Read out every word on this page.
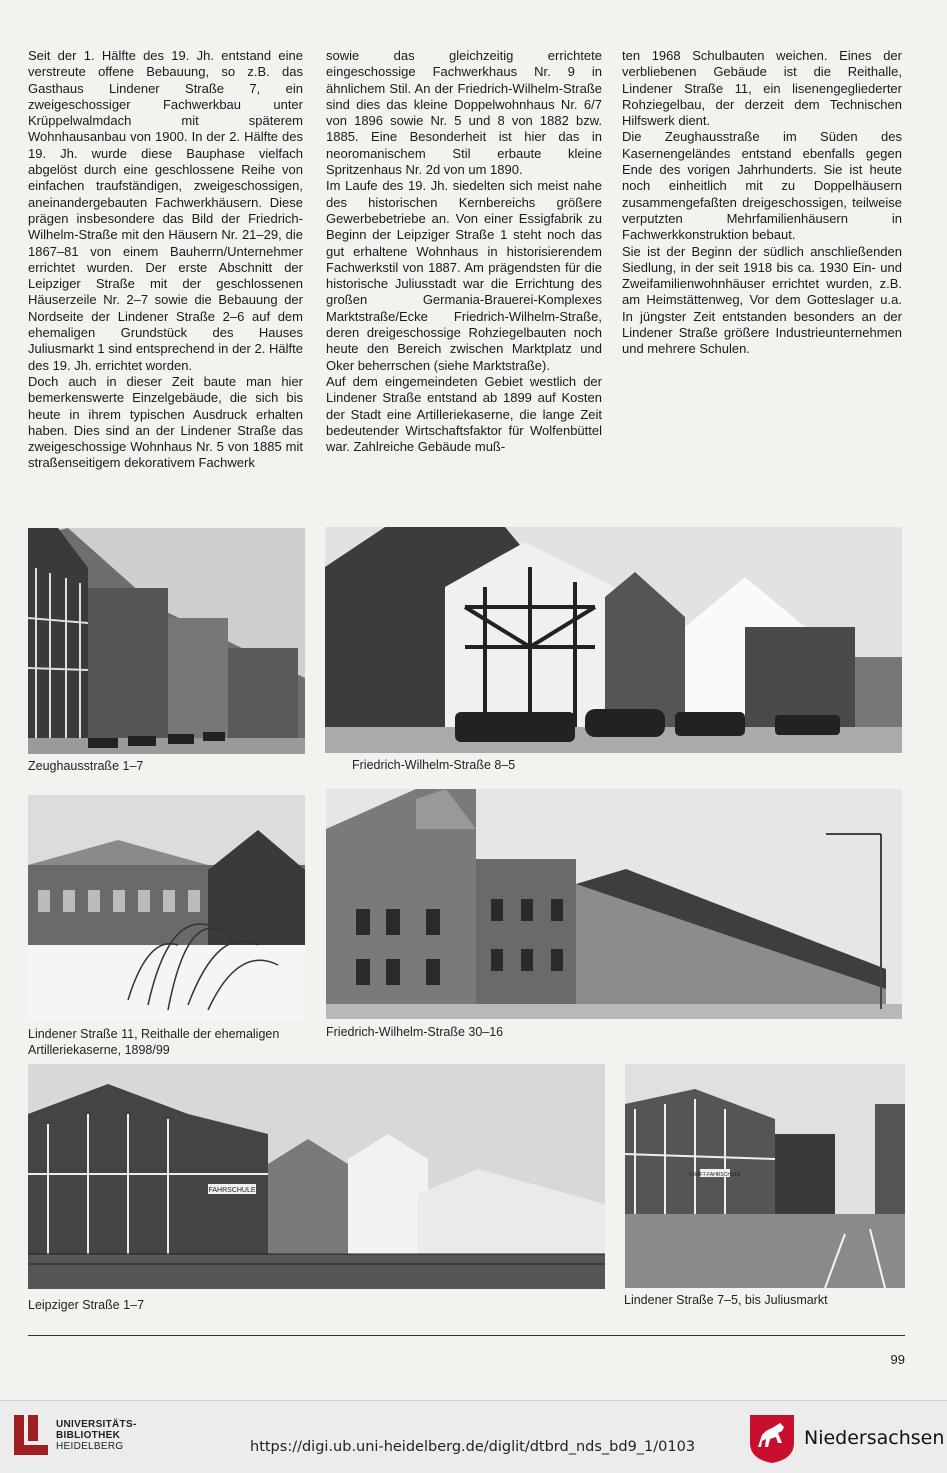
Seit der 1. Hälfte des 19. Jh. entstand eine verstreute offene Bebauung, so z.B. das Gasthaus Lindener Straße 7, ein zweigeschossiger Fachwerkbau unter Krüppelwalmdach mit späterem Wohnhausanbau von 1900. In der 2. Hälfte des 19. Jh. wurde diese Bauphase vielfach abgelöst durch eine geschlossene Reihe von einfachen traufständigen, zweigeschossigen, aneinandergebauten Fachwerkhäusern. Diese prägen insbesondere das Bild der Friedrich-Wilhelm-Straße mit den Häusern Nr. 21–29, die 1867–81 von einem Bauherrn/Unternehmer errichtet wurden. Der erste Abschnitt der Leipziger Straße mit der geschlossenen Häuserzeile Nr. 2–7 sowie die Bebauung der Nordseite der Lindener Straße 2–6 auf dem ehemaligen Grundstück des Hauses Juliusmarkt 1 sind entsprechend in der 2. Hälfte des 19. Jh. errichtet worden.

Doch auch in dieser Zeit baute man hier bemerkenswerte Einzelgebäude, die sich bis heute in ihrem typischen Ausdruck erhalten haben. Dies sind an der Lindener Straße das zweigeschossige Wohnhaus Nr. 5 von 1885 mit straßenseitigem dekorativem Fachwerk

sowie das gleichzeitig errichtete eingeschossige Fachwerkhaus Nr. 9 in ähnlichem Stil. An der Friedrich-Wilhelm-Straße sind dies das kleine Doppelwohnhaus Nr. 6/7 von 1896 sowie Nr. 5 und 8 von 1882 bzw. 1885. Eine Besonderheit ist hier das in neoromanischem Stil erbaute kleine Spritzenhaus Nr. 2d von um 1890.

Im Laufe des 19. Jh. siedelten sich meist nahe des historischen Kernbereichs größere Gewerbebetriebe an. Von einer Essigfabrik zu Beginn der Leipziger Straße 1 steht noch das gut erhaltene Wohnhaus in historisierendem Fachwerkstil von 1887. Am prägendsten für die historische Juliusstadt war die Errichtung des großen Germania-Brauerei-Komplexes Marktstraße/Ecke Friedrich-Wilhelm-Straße, deren dreigeschossige Rohziegelbauten noch heute den Bereich zwischen Marktplatz und Oker beherrschen (siehe Marktstraße).

Auf dem eingemeindeten Gebiet westlich der Lindener Straße entstand ab 1899 auf Kosten der Stadt eine Artilleriekaserne, die lange Zeit bedeutender Wirtschaftsfaktor für Wolfenbüttel war. Zahlreiche Gebäude muß-

ten 1968 Schulbauten weichen. Eines der verbliebenen Gebäude ist die Reithalle, Lindener Straße 11, ein lisenengegliederter Rohziegelbau, der derzeit dem Technischen Hilfswerk dient.

Die Zeughausstraße im Süden des Kasernengeländes entstand ebenfalls gegen Ende des vorigen Jahrhunderts. Sie ist heute noch einheitlich mit zu Doppelhäusern zusammengefaßten dreigeschossigen, teilweise verputzten Mehrfamilienhäusern in Fachwerkkonstruktion bebaut.

Sie ist der Beginn der südlich anschließenden Siedlung, in der seit 1918 bis ca. 1930 Ein- und Zweifamilienwohnhäuser errichtet wurden, z.B. am Heimstättenweg, Vor dem Gotteslager u.a. In jüngster Zeit entstanden besonders an der Lindener Straße größere Industrieunternehmen und mehrere Schulen.

Zeughausstraße 1–7	Friedrich-Wilhelm-Straße 8–5
Lindener Straße 11, Reithalle der ehemaligen
Artilleriekaserne, 1898/99
Friedrich-Wilhelm-Straße 30–16
FAHRSCHULE
Leipziger Straße 1–7
KRAFT-FAHRSCHULE
Lindener Straße 7–5, bis Juliusmarkt
99
UNIVERSITÄTS-
BIBLIOTHEK
HEIDELBERG	https://digi.ub.uni-heidelberg.de/diglit/dtbrd_nds_bd9_1/0103	Niedersachsen
